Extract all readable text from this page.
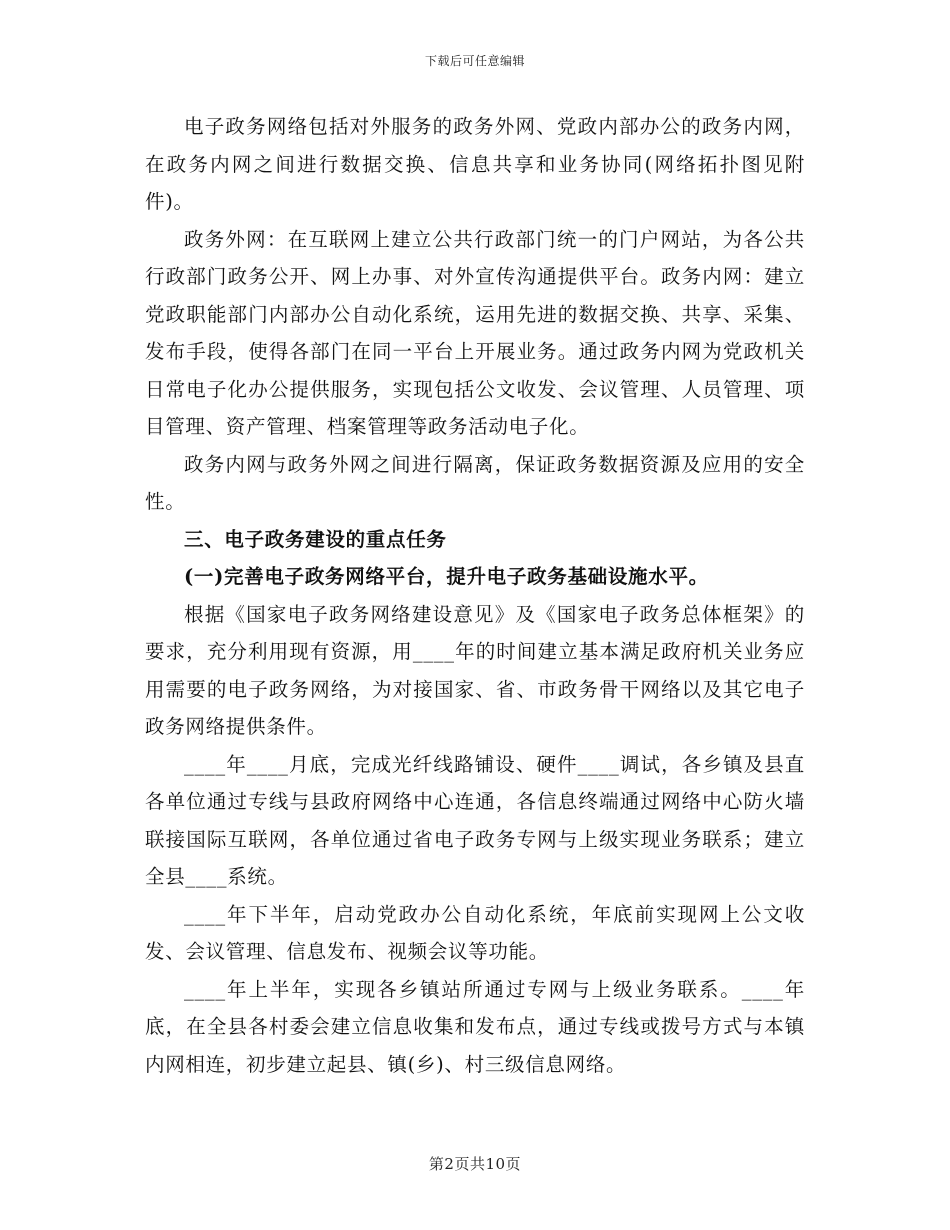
下载后可任意编辑

电子政务网络包括对外服务的政务外网、党政内部办公的政务内网，在政务内网之间进行数据交换、信息共享和业务协同(网络拓扑图见附件)。

政务外网：在互联网上建立公共行政部门统一的门户网站，为各公共行政部门政务公开、网上办事、对外宣传沟通提供平台。政务内网：建立党政职能部门内部办公自动化系统，运用先进的数据交换、共享、采集、发布手段，使得各部门在同一平台上开展业务。通过政务内网为党政机关日常电子化办公提供服务，实现包括公文收发、会议管理、人员管理、项目管理、资产管理、档案管理等政务活动电子化。

政务内网与政务外网之间进行隔离，保证政务数据资源及应用的安全性。

三、电子政务建设的重点任务

(一)完善电子政务网络平台，提升电子政务基础设施水平。

根据《国家电子政务网络建设意见》及《国家电子政务总体框架》的要求，充分利用现有资源，用____年的时间建立基本满足政府机关业务应用需要的电子政务网络，为对接国家、省、市政务骨干网络以及其它电子政务网络提供条件。

____年____月底，完成光纤线路铺设、硬件____调试，各乡镇及县直各单位通过专线与县政府网络中心连通，各信息终端通过网络中心防火墙联接国际互联网，各单位通过省电子政务专网与上级实现业务联系；建立全县____系统。

____年下半年，启动党政办公自动化系统，年底前实现网上公文收发、会议管理、信息发布、视频会议等功能。

____年上半年，实现各乡镇站所通过专网与上级业务联系。____年底，在全县各村委会建立信息收集和发布点，通过专线或拨号方式与本镇内网相连，初步建立起县、镇(乡)、村三级信息网络。

第2页共10页
